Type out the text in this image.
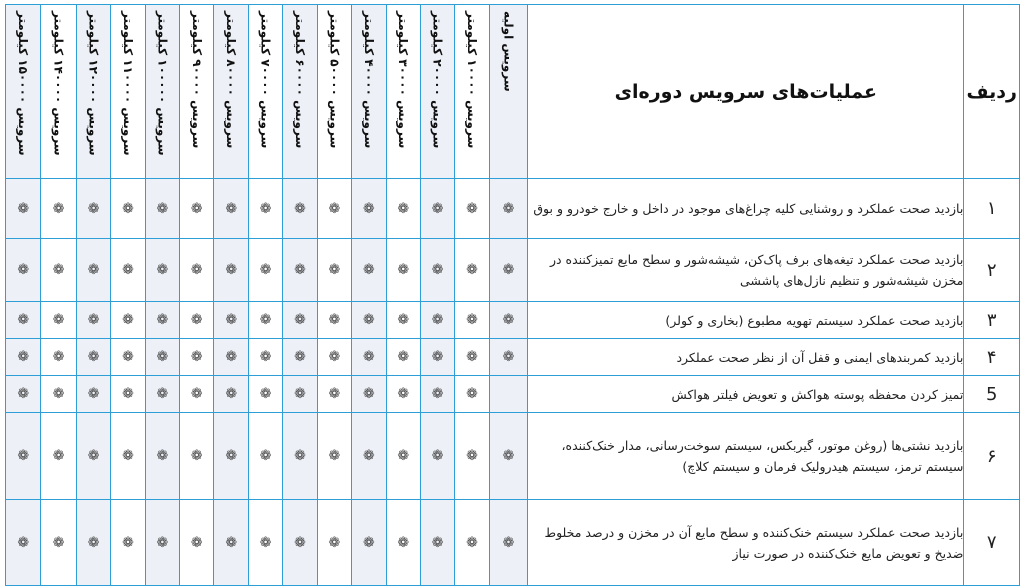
ردیف	عملیات‌های سرویس دوره‌ای	سرویس اولیه	سرویس ۱۰۰۰۰ کیلومتر	سرویس ۲۰۰۰۰ کیلومتر	سرویس ۳۰۰۰۰ کیلومتر	سرویس ۴۰۰۰۰ کیلومتر	سرویس ۵۰۰۰۰ کیلومتر	سرویس ۶۰۰۰۰ کیلومتر	سرویس ۷۰۰۰۰ کیلومتر	سرویس ۸۰۰۰۰ کیلومتر	سرویس ۹۰۰۰۰ کیلومتر	سرویس ۱۰۰۰۰۰ کیلومتر	سرویس ۱۱۰۰۰۰ کیلومتر	سرویس ۱۲۰۰۰۰ کیلومتر	سرویس ۱۴۰۰۰۰ کیلومتر	سرویس ۱۵۰۰۰۰ کیلومتر

۱	بازدید صحت عملکرد و روشنایی کلیه چراغ‌های موجود در داخل و خارج خودرو و بوق	❁	❁	❁	❁	❁	❁	❁	❁	❁	❁	❁	❁	❁	❁	❁
۲	بازدید صحت عملکرد تیغه‌های برف پاک‌کن، شیشه‌شور و سطح مایع تمیزکننده در مخزن شیشه‌شور و تنظیم نازل‌های پاششی	❁	❁	❁	❁	❁	❁	❁	❁	❁	❁	❁	❁	❁	❁	❁
۳	بازدید صحت عملکرد سیستم تهویه مطبوع (بخاری و کولر)	❁	❁	❁	❁	❁	❁	❁	❁	❁	❁	❁	❁	❁	❁	❁
۴	بازدید کمربندهای ایمنی و قفل آن از نظر صحت عملکرد	❁	❁	❁	❁	❁	❁	❁	❁	❁	❁	❁	❁	❁	❁	❁
5	تمیز کردن محفظه پوسته هواکش و تعویض فیلتر هواکش		❁	❁	❁	❁	❁	❁	❁	❁	❁	❁	❁	❁	❁	❁
۶	بازدید نشتی‌ها (روغن موتور، گیربکس، سیستم سوخت‌رسانی، مدار خنک‌کننده، سیستم ترمز، سیستم هیدرولیک فرمان و سیستم کلاچ)	❁	❁	❁	❁	❁	❁	❁	❁	❁	❁	❁	❁	❁	❁	❁
۷	بازدید صحت عملکرد سیستم خنک‌کننده و سطح مایع آن در مخزن و درصد مخلوط ضدیخ و تعویض مایع خنک‌کننده در صورت نیاز	❁	❁	❁	❁	❁	❁	❁	❁	❁	❁	❁	❁	❁	❁	❁
